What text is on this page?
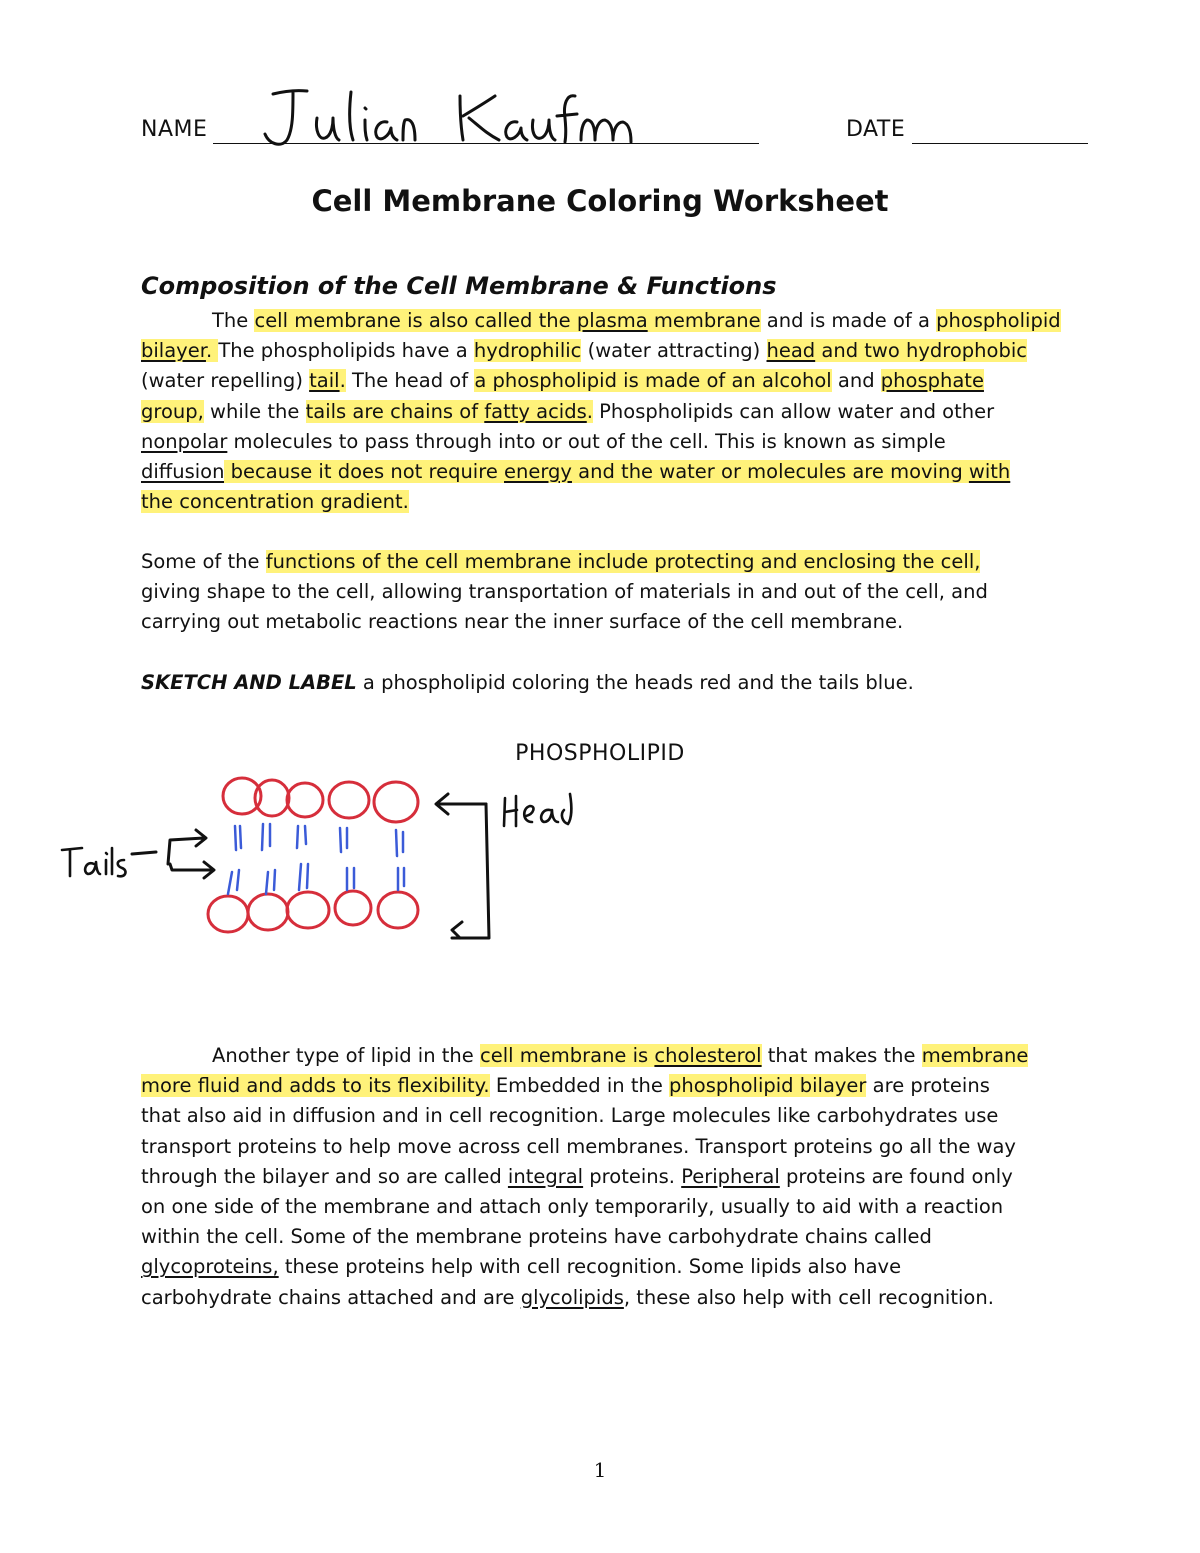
NAME	DATE
Cell Membrane Coloring Worksheet
Composition of the Cell Membrane & Functions
The cell membrane is also called the plasma membrane and is made of a phospholipid
bilayer. The phospholipids have a hydrophilic (water attracting) head and two hydrophobic
(water repelling) tail. The head of a phospholipid is made of an alcohol and phosphate
group, while the tails are chains of fatty acids. Phospholipids can allow water and other
nonpolar molecules to pass through into or out of the cell. This is known as simple
diffusion because it does not require energy and the water or molecules are moving with
the concentration gradient.
Some of the functions of the cell membrane include protecting and enclosing the cell,
giving shape to the cell, allowing transportation of materials in and out of the cell, and
carrying out metabolic reactions near the inner surface of the cell membrane.
SKETCH AND LABEL a phospholipid coloring the heads red and the tails blue.
PHOSPHOLIPID
Another type of lipid in the cell membrane is cholesterol that makes the membrane
more fluid and adds to its flexibility. Embedded in the phospholipid bilayer are proteins
that also aid in diffusion and in cell recognition. Large molecules like carbohydrates use
transport proteins to help move across cell membranes. Transport proteins go all the way
through the bilayer and so are called integral proteins. Peripheral proteins are found only
on one side of the membrane and attach only temporarily, usually to aid with a reaction
within the cell. Some of the membrane proteins have carbohydrate chains called
glycoproteins, these proteins help with cell recognition. Some lipids also have
carbohydrate chains attached and are glycolipids, these also help with cell recognition.
1
